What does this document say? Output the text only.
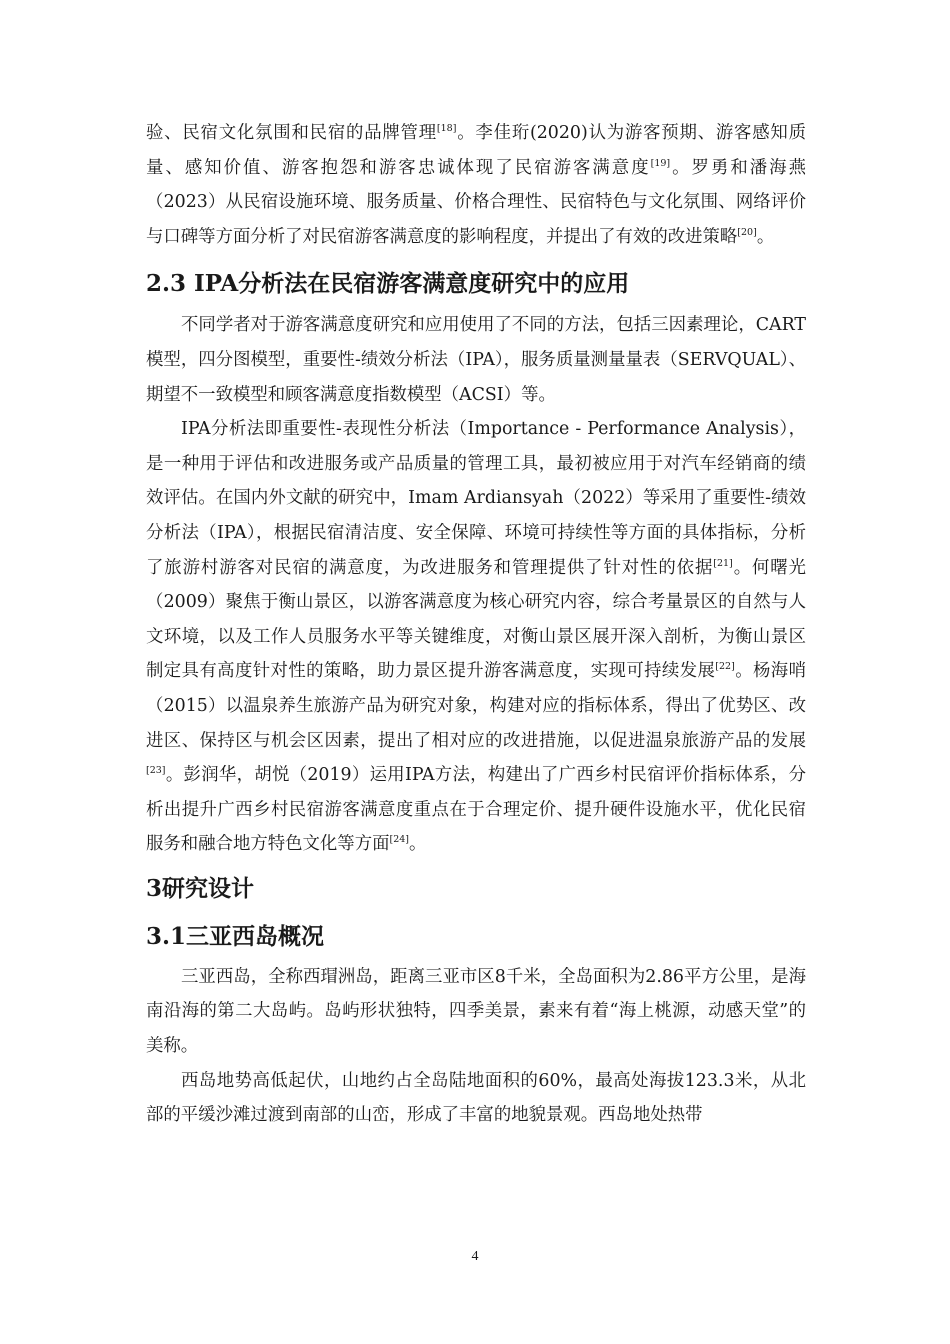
验、民宿文化氛围和民宿的品牌管理[18]。李佳珩(2020)认为游客预期、游客感知质量、感知价值、游客抱怨和游客忠诚体现了民宿游客满意度[19]。罗勇和潘海燕（2023）从民宿设施环境、服务质量、价格合理性、民宿特色与文化氛围、网络评价与口碑等方面分析了对民宿游客满意度的影响程度，并提出了有效的改进策略[20]。

2.3 IPA分析法在民宿游客满意度研究中的应用

不同学者对于游客满意度研究和应用使用了不同的方法，包括三因素理论，CART模型，四分图模型，重要性-绩效分析法（IPA），服务质量测量量表（SERVQUAL）、期望不一致模型和顾客满意度指数模型（ACSI）等。

IPA分析法即重要性-表现性分析法（Importance - Performance Analysis），是一种用于评估和改进服务或产品质量的管理工具，最初被应用于对汽车经销商的绩效评估。在国内外文献的研究中，Imam Ardiansyah（2022）等采用了重要性-绩效分析法（IPA），根据民宿清洁度、安全保障、环境可持续性等方面的具体指标，分析了旅游村游客对民宿的满意度，为改进服务和管理提供了针对性的依据[21]。何曙光（2009）聚焦于衡山景区，以游客满意度为核心研究内容，综合考量景区的自然与人文环境，以及工作人员服务水平等关键维度，对衡山景区展开深入剖析，为衡山景区制定具有高度针对性的策略，助力景区提升游客满意度，实现可持续发展[22]。杨海哨（2015）以温泉养生旅游产品为研究对象，构建对应的指标体系，得出了优势区、改进区、保持区与机会区因素，提出了相对应的改进措施，以促进温泉旅游产品的发展[23]。彭润华，胡悦（2019）运用IPA方法，构建出了广西乡村民宿评价指标体系，分析出提升广西乡村民宿游客满意度重点在于合理定价、提升硬件设施水平，优化民宿服务和融合地方特色文化等方面[24]。

3研究设计
3.1三亚西岛概况

三亚西岛，全称西瑁洲岛，距离三亚市区8千米，全岛面积为2.86平方公里，是海南沿海的第二大岛屿。岛屿形状独特，四季美景，素来有着“海上桃源，动感天堂”的美称。

西岛地势高低起伏，山地约占全岛陆地面积的60%，最高处海拔123.3米，从北部的平缓沙滩过渡到南部的山峦，形成了丰富的地貌景观。西岛地处热带

4
